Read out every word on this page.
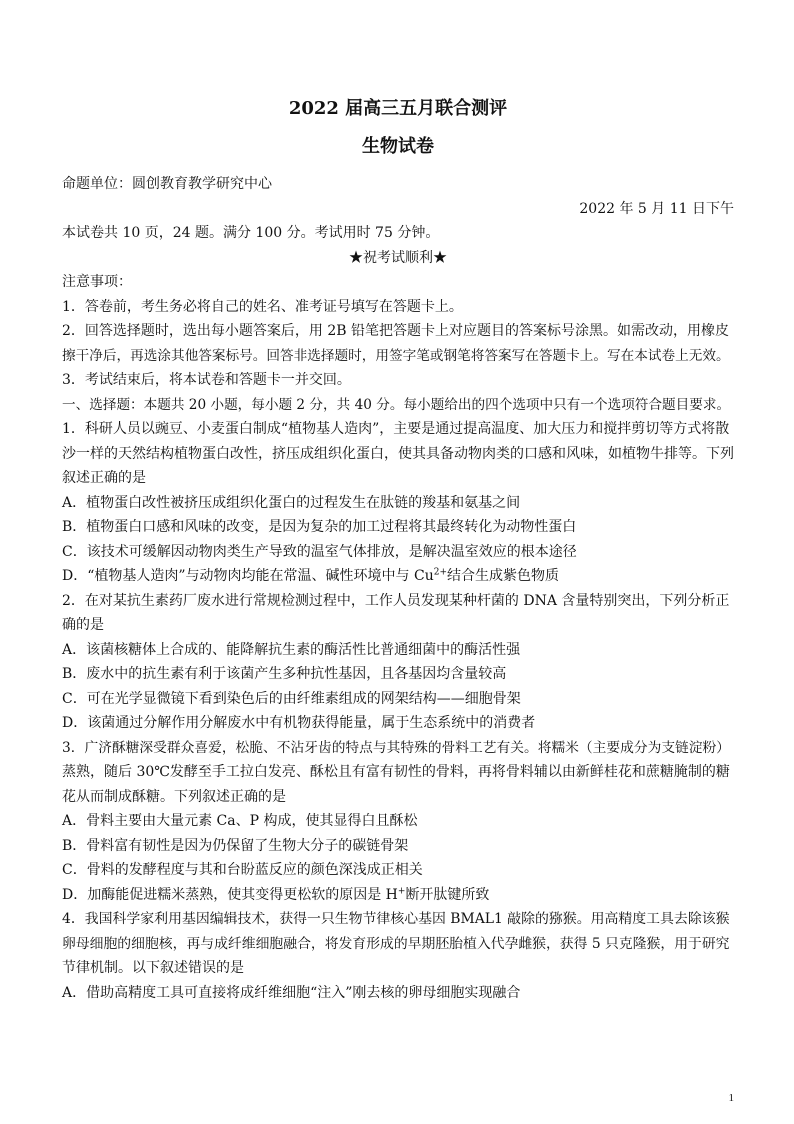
2022 届高三五月联合测评
生物试卷
命题单位：圆创教育教学研究中心
2022 年 5 月 11 日下午
本试卷共 10 页，24 题。满分 100 分。考试用时 75 分钟。
★祝考试顺利★
注意事项：
1．答卷前，考生务必将自己的姓名、准考证号填写在答题卡上。
2．回答选择题时，选出每小题答案后，用 2B 铅笔把答题卡上对应题目的答案标号涂黑。如需改动，用橡皮
擦干净后，再选涂其他答案标号。回答非选择题时，用签字笔或钢笔将答案写在答题卡上。写在本试卷上无效。
3．考试结束后，将本试卷和答题卡一并交回。
一、选择题：本题共 20 小题，每小题 2 分，共 40 分。每小题给出的四个选项中只有一个选项符合题目要求。
1．科研人员以豌豆、小麦蛋白制成“植物基人造肉”，主要是通过提高温度、加大压力和搅拌剪切等方式将散
沙一样的天然结构植物蛋白改性，挤压成组织化蛋白，使其具备动物肉类的口感和风味，如植物牛排等。下列
叙述正确的是
A．植物蛋白改性被挤压成组织化蛋白的过程发生在肽链的羧基和氨基之间
B．植物蛋白口感和风味的改变，是因为复杂的加工过程将其最终转化为动物性蛋白
C．该技术可缓解因动物肉类生产导致的温室气体排放，是解决温室效应的根本途径
D．“植物基人造肉”与动物肉均能在常温、碱性环境中与 $Cu^{2+}$结合生成紫色物质
2．在对某抗生素药厂废水进行常规检测过程中，工作人员发现某种杆菌的 DNA 含量特别突出，下列分析正
确的是
A．该菌核糖体上合成的、能降解抗生素的酶活性比普通细菌中的酶活性强
B．废水中的抗生素有利于该菌产生多种抗性基因，且各基因均含量较高
C．可在光学显微镜下看到染色后的由纤维素组成的网架结构——细胞骨架
D．该菌通过分解作用分解废水中有机物获得能量，属于生态系统中的消费者
3．广济酥糖深受群众喜爱，松脆、不沾牙齿的特点与其特殊的骨料工艺有关。将糯米（主要成分为支链淀粉）
蒸熟，随后 30℃发酵至手工拉白发亮、酥松且有富有韧性的骨料，再将骨料辅以由新鲜桂花和蔗糖腌制的糖
花从而制成酥糖。下列叙述正确的是
A．骨料主要由大量元素 Ca、P 构成，使其显得白且酥松
B．骨料富有韧性是因为仍保留了生物大分子的碳链骨架
C．骨料的发酵程度与其和台盼蓝反应的颜色深浅成正相关
D．加酶能促进糯米蒸熟，使其变得更松软的原因是 H+断开肽键所致
4．我国科学家利用基因编辑技术，获得一只生物节律核心基因 BMAL1 敲除的猕猴。用高精度工具去除该猴
卵母细胞的细胞核，再与成纤维细胞融合，将发育形成的早期胚胎植入代孕雌猴，获得 5 只克隆猴，用于研究
节律机制。以下叙述错误的是
A．借助高精度工具可直接将成纤维细胞“注入”刚去核的卵母细胞实现融合
1
